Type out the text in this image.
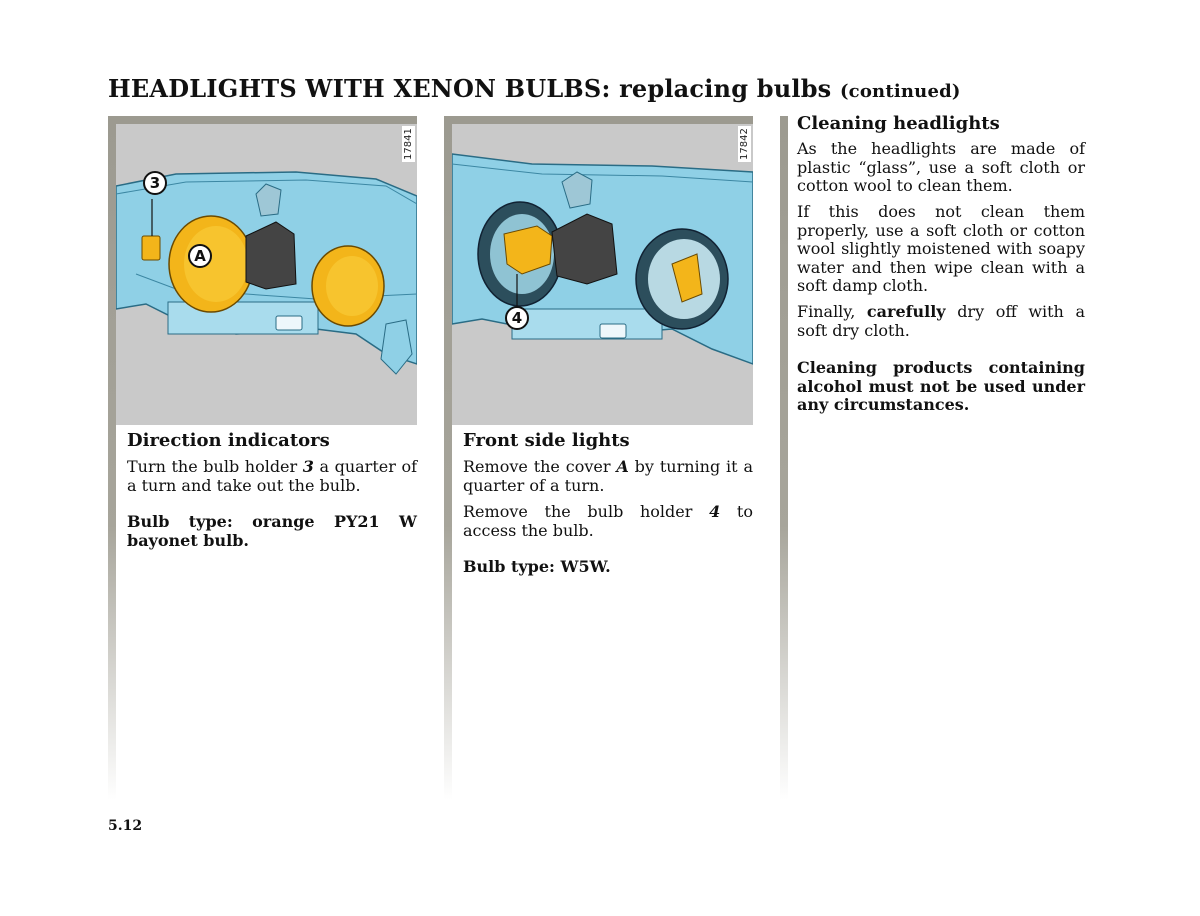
HEADLIGHTS WITH XENON BULBS: replacing bulbs (continued)
17841
3
A
17842
4
Direction indicators

Turn the bulb holder 3 a quarter of a turn and take out the bulb.

Bulb type: orange PY21 W bayonet bulb.

Front side lights

Remove the cover A by turning it a quarter of a turn.

Remove the bulb holder 4 to access the bulb.

Bulb type: W5W.

Cleaning headlights

As the headlights are made of plastic “glass”, use a soft cloth or cotton wool to clean them.

If this does not clean them properly, use a soft cloth or cotton wool slightly moistened with soapy water and then wipe clean with a soft damp cloth.

Finally, carefully dry off with a soft dry cloth.

Cleaning products containing alcohol must not be used under any circumstances.

5.12
